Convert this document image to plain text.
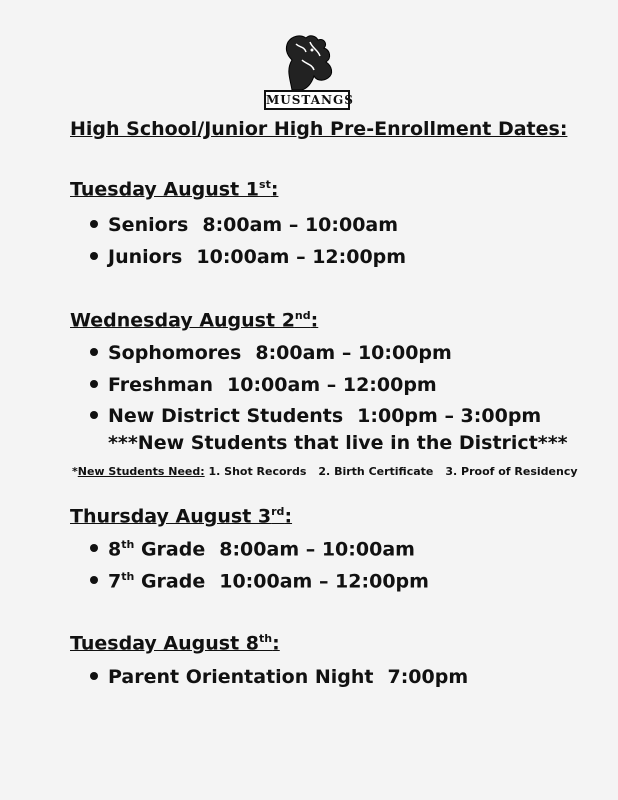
MUSTANGS
High School/Junior High Pre-Enrollment Dates:
Tuesday August 1st:
Seniors 8:00am – 10:00am
Juniors 10:00am – 12:00pm
Wednesday August 2nd:
Sophomores 8:00am – 10:00pm
Freshman 10:00am – 12:00pm
New District Students 1:00pm – 3:00pm
***New Students that live in the District***
*New Students Need: 1. Shot Records 2. Birth Certificate 3. Proof of Residency
Thursday August 3rd:
8th Grade 8:00am – 10:00am
7th Grade 10:00am – 12:00pm
Tuesday August 8th:
Parent Orientation Night 7:00pm
